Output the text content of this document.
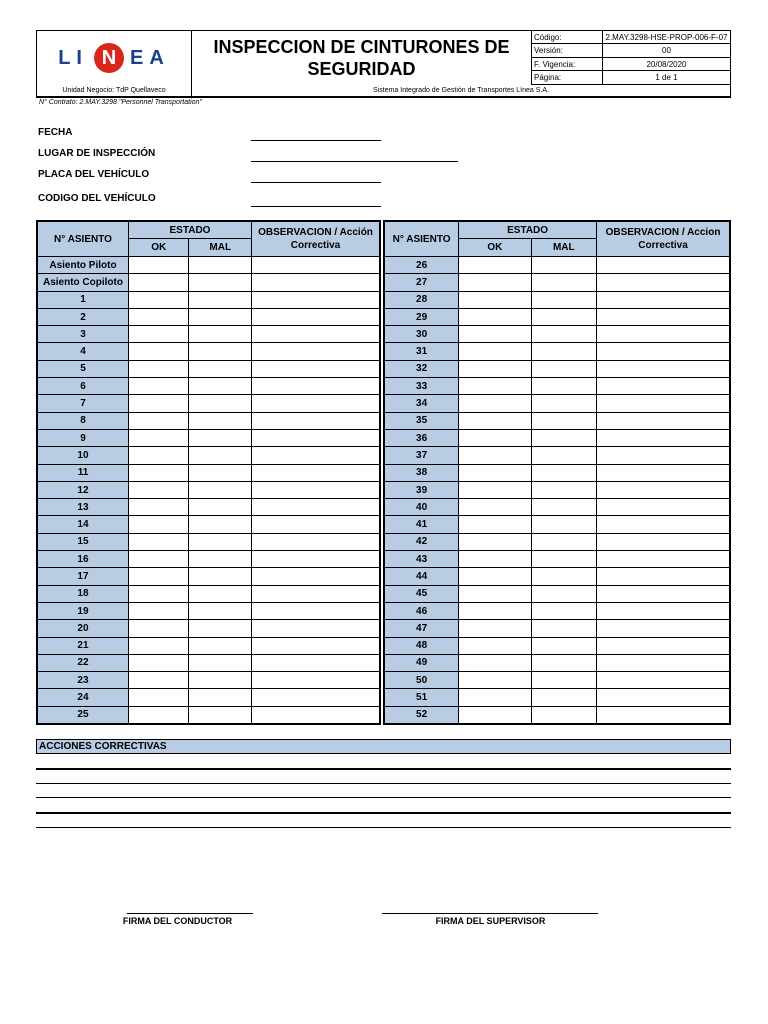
L I N E A	INSPECCION DE CINTURONES DE SEGURIDAD
Código:	2.MAY.3298-HSE-PROP-006-F-07
Versión:	00
F. Vigencia:	20/08/2020
Página:	1 de 1
Unidad Negocio: TdP Quellaveco	Sistema Integrado de Gestión de Transportes Línea S.A.
N° Contrato: 2.MAY.3298 "Personnel Transportation"
FECHA
LUGAR DE INSPECCIÓN
PLACA DEL VEHÍCULO
CODIGO DEL VEHÍCULO
N° ASIENTO	ESTADO		OBSERVACION / Acción Correctiva
	OK	MAL	
Asiento Piloto			
Asiento Copiloto			
1			
2			
3			
4			
5			
6			
7			
8			
9			
10			
11			
12			
13			
14			
15			
16			
17			
18			
19			
20			
21			
22			
23			
24			
25			
N° ASIENTO	ESTADO		OBSERVACION / Accion Correctiva
	OK	MAL	
26			
27			
28			
29			
30			
31			
32			
33			
34			
35			
36			
37			
38			
39			
40			
41			
42			
43			
44			
45			
46			
47			
48			
49			
50			
51			
52			
ACCIONES CORRECTIVAS
FIRMA DEL CONDUCTOR	FIRMA DEL SUPERVISOR
